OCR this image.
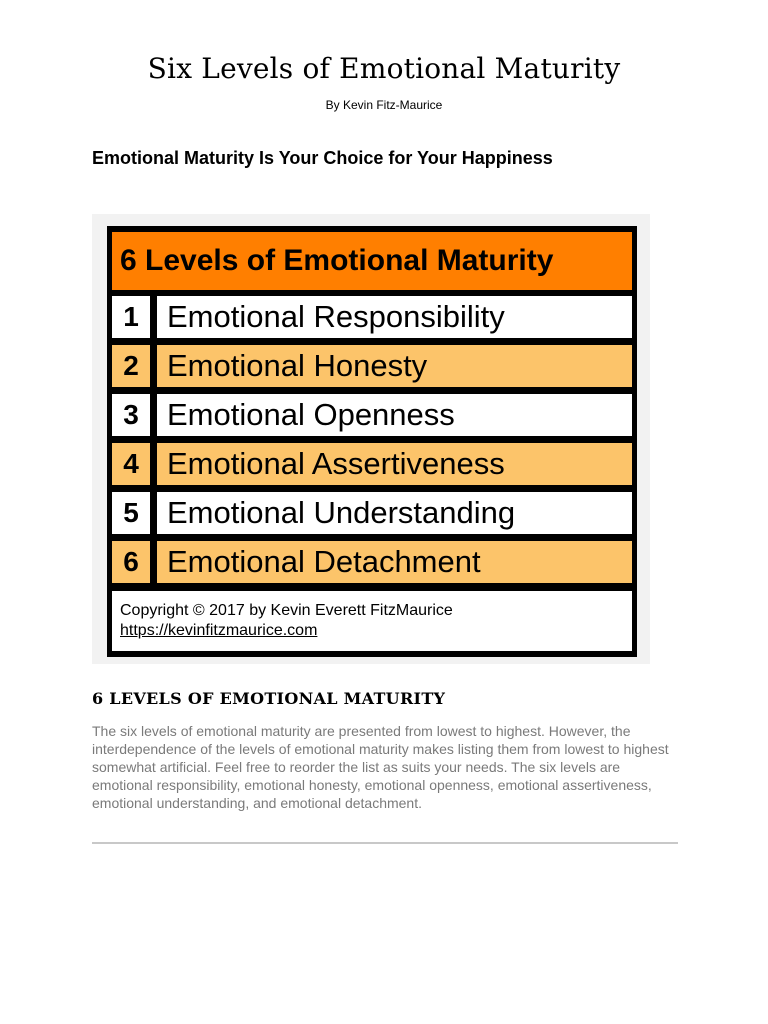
Six Levels of Emotional Maturity
By Kevin Fitz-Maurice
Emotional Maturity Is Your Choice for Your Happiness
6 Levels of Emotional Maturity
1 Emotional Responsibility
2 Emotional Honesty
3 Emotional Openness
4 Emotional Assertiveness
5 Emotional Understanding
6 Emotional Detachment
Copyright © 2017 by Kevin Everett FitzMaurice
https://kevinfitzmaurice.com
6 LEVELS OF EMOTIONAL MATURITY
The six levels of emotional maturity are presented from lowest to highest. However, the interdependence of the levels of emotional maturity makes listing them from lowest to highest somewhat artificial. Feel free to reorder the list as suits your needs. The six levels are emotional responsibility, emotional honesty, emotional openness, emotional assertiveness, emotional understanding, and emotional detachment.
